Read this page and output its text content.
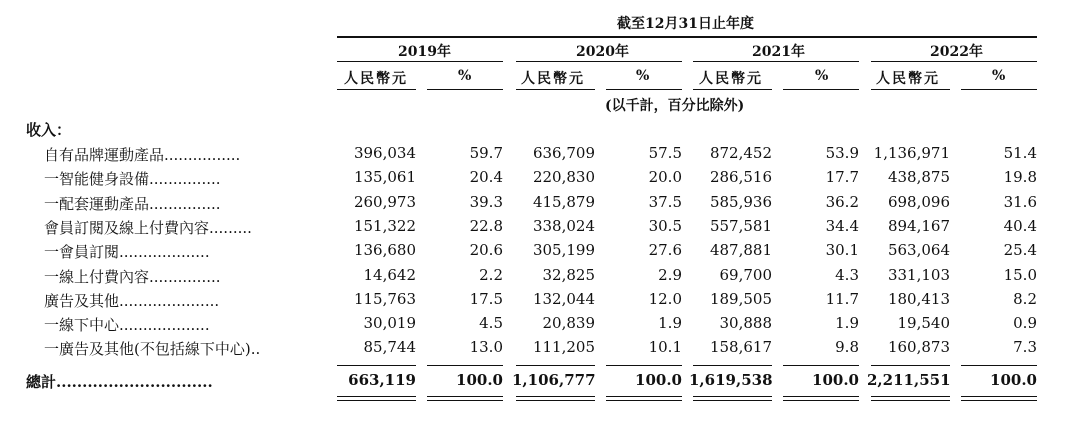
截至12月31日止年度
2019年	2020年	2021年	2022年
人民幣元	%	人民幣元	%	人民幣元	%	人民幣元	%
(以千計，百分比除外)
收入：
自有品牌運動產品................	396,034	59.7	636,709	57.5	872,452	53.9 1,136,971	51.4
一智能健身設備...............	135,061	20.4	220,830	20.0	286,516	17.7	438,875	19.8
一配套運動產品...............	260,973	39.3	415,879	37.5	585,936	36.2	698,096	31.6
會員訂閱及線上付費內容.........	151,322	22.8	338,024	30.5	557,581	34.4	894,167	40.4
一會員訂閱...................	136,680	20.6	305,199	27.6	487,881	30.1	563,064	25.4
一線上付費內容...............	14,642	2.2	32,825	2.9	69,700	4.3	331,103	15.0
廣告及其他.....................	115,763	17.5	132,044	12.0	189,505	11.7	180,413	8.2
一線下中心...................	30,019	4.5	20,839	1.9	30,888	1.9	19,540	0.9
一廣告及其他(不包括線下中心)..	85,744	13.0	111,205	10.1	158,617	9.8	160,873	7.3
總計..............................	663,119	100.0 1,106,777	100.0 1,619,538	100.0 2,211,551	100.0
